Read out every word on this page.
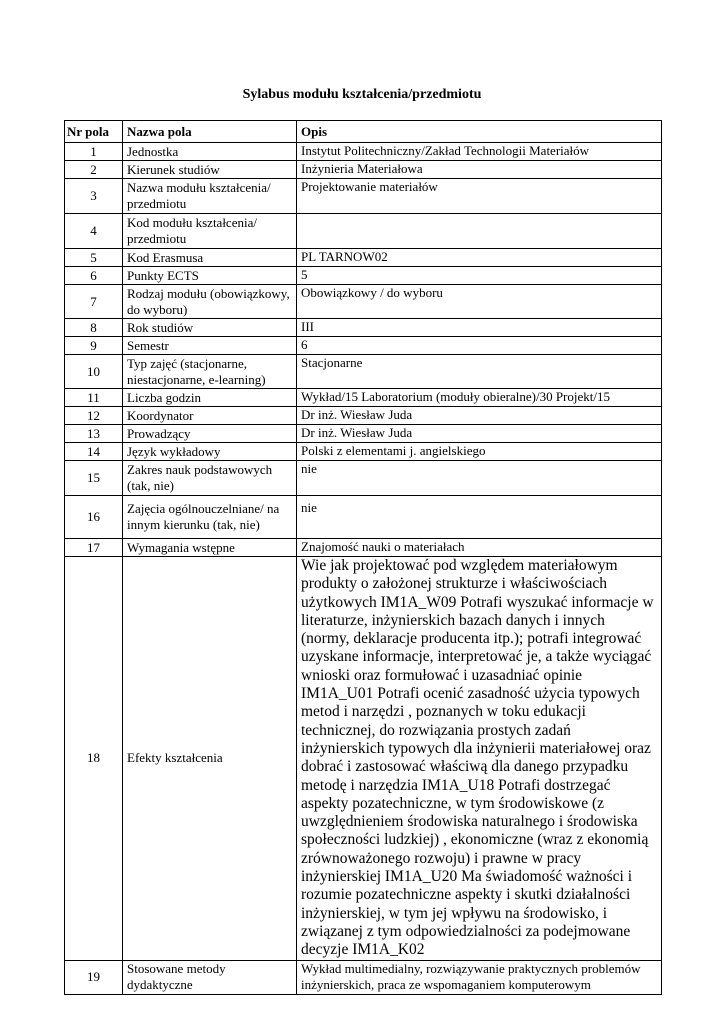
Sylabus modułu kształcenia/przedmiotu
Nr pola	Nazwa pola	Opis
1	Jednostka	Instytut Politechniczny/Zakład Technologii Materiałów
2	Kierunek studiów	Inżynieria Materiałowa
3	Nazwa modułu kształcenia/ przedmiotu	Projektowanie materiałów
4	Kod modułu kształcenia/ przedmiotu	
5	Kod Erasmusa	PL TARNOW02
6	Punkty ECTS	5
7	Rodzaj modułu (obowiązkowy, do wyboru)	Obowiązkowy / do wyboru
8	Rok studiów	III
9	Semestr	6
10	Typ zajęć (stacjonarne, niestacjonarne, e-learning)	Stacjonarne
11	Liczba godzin	Wykład/15 Laboratorium (moduły obieralne)/30 Projekt/15
12	Koordynator	Dr inż. Wiesław Juda
13	Prowadzący	Dr inż. Wiesław Juda
14	Język wykładowy	Polski z elementami j. angielskiego
15	Zakres nauk podstawowych (tak, nie)	nie
16	Zajęcia ogólnouczelniane/ na innym kierunku (tak, nie)	nie
17	Wymagania wstępne	Znajomość nauki o materiałach
18	Efekty kształcenia	Wie jak projektować pod względem materiałowym produkty o założonej strukturze i właściwościach użytkowych IM1A_W09 Potrafi wyszukać informacje w literaturze, inżynierskich bazach danych i innych (normy, deklaracje producenta itp.); potrafi integrować uzyskane informacje, interpretować je, a także wyciągać wnioski oraz formułować i uzasadniać opinie IM1A_U01 Potrafi ocenić zasadność użycia typowych metod i narzędzi , poznanych w toku edukacji technicznej, do rozwiązania prostych zadań inżynierskich typowych dla inżynierii materiałowej oraz dobrać i zastosować właściwą dla danego przypadku metodę i narzędzia IM1A_U18 Potrafi dostrzegać aspekty pozatechniczne, w tym środowiskowe (z uwzględnieniem środowiska naturalnego i środowiska społeczności ludzkiej) , ekonomiczne (wraz z ekonomią zrównoważonego rozwoju) i prawne w pracy inżynierskiej IM1A_U20 Ma świadomość ważności i rozumie pozatechniczne aspekty i skutki działalności inżynierskiej, w tym jej wpływu na środowisko, i związanej z tym odpowiedzialności za podejmowane decyzje IM1A_K02
19	Stosowane metody dydaktyczne	Wykład multimedialny, rozwiązywanie praktycznych problemów inżynierskich, praca ze wspomaganiem komputerowym
